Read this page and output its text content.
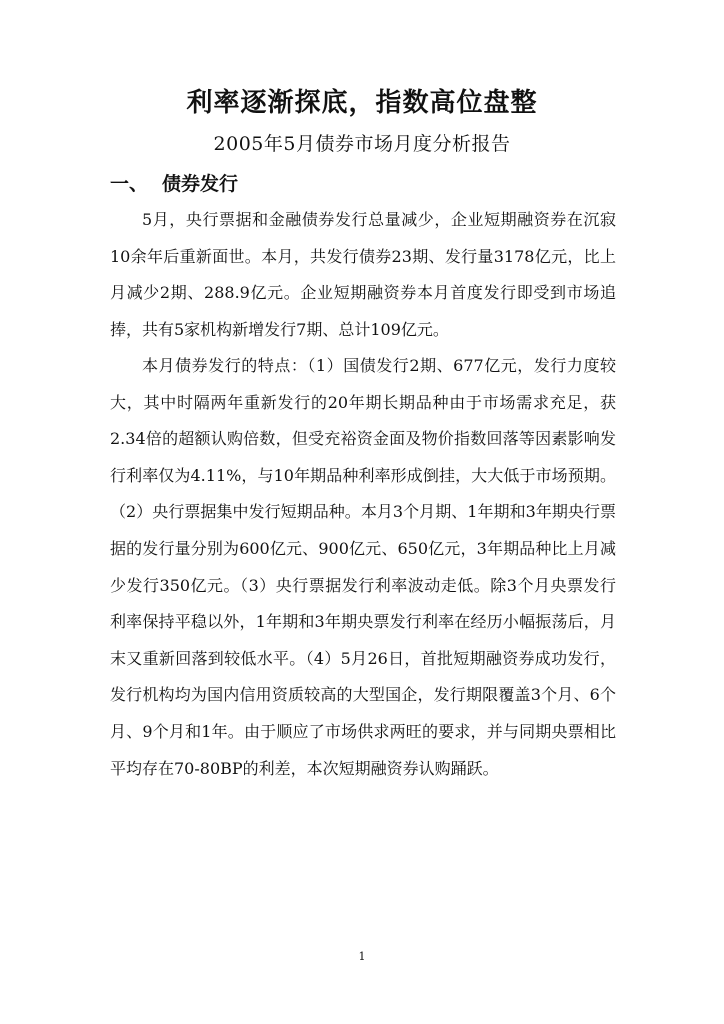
利率逐渐探底，指数高位盘整
2005年5月债券市场月度分析报告
一、 债券发行

5月，央行票据和金融债券发行总量减少，企业短期融资券在沉寂10余年后重新面世。本月，共发行债券23期、发行量3178亿元，比上月减少2期、288.9亿元。企业短期融资券本月首度发行即受到市场追捧，共有5家机构新增发行7期、总计109亿元。

本月债券发行的特点：（1）国债发行2期、677亿元，发行力度较大，其中时隔两年重新发行的20年期长期品种由于市场需求充足，获2.34倍的超额认购倍数，但受充裕资金面及物价指数回落等因素影响发行利率仅为4.11%，与10年期品种利率形成倒挂，大大低于市场预期。（2）央行票据集中发行短期品种。本月3个月期、1年期和3年期央行票据的发行量分别为600亿元、900亿元、650亿元，3年期品种比上月减少发行350亿元。（3）央行票据发行利率波动走低。除3个月央票发行利率保持平稳以外，1年期和3年期央票发行利率在经历小幅振荡后，月末又重新回落到较低水平。（4）5月26日，首批短期融资券成功发行，发行机构均为国内信用资质较高的大型国企，发行期限覆盖3个月、6个月、9个月和1年。由于顺应了市场供求两旺的要求，并与同期央票相比平均存在70-80BP的利差，本次短期融资券认购踊跃。

1
